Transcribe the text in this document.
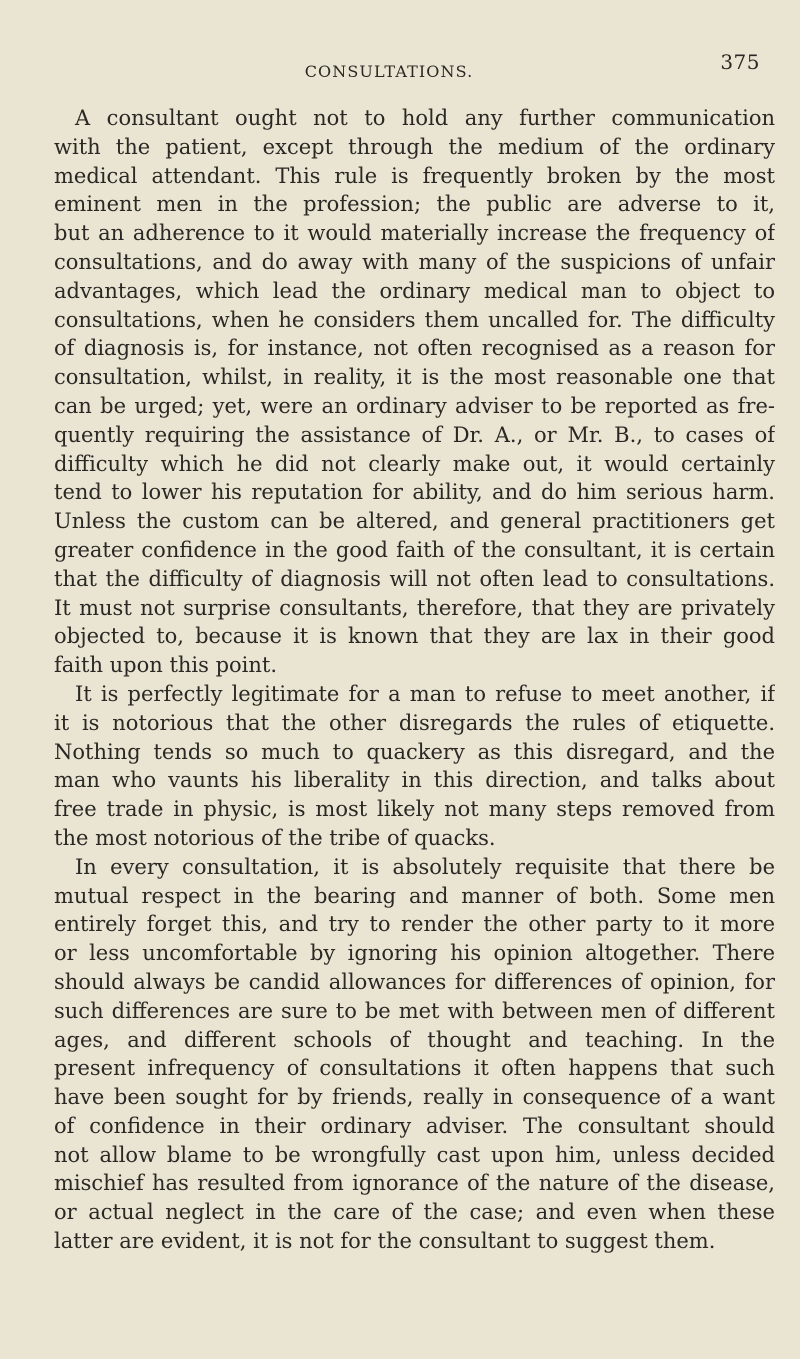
CONSULTATIONS.	375
A consultant ought not to hold any further communication
with the patient, except through the medium of the ordinary
medical attendant. This rule is frequently broken by the most
eminent men in the profession; the public are adverse to it,
but an adherence to it would materially increase the frequency of
consultations, and do away with many of the suspicions of unfair
advantages, which lead the ordinary medical man to object to
consultations, when he considers them uncalled for. The difficulty
of diagnosis is, for instance, not often recognised as a reason for
consultation, whilst, in reality, it is the most reasonable one that
can be urged; yet, were an ordinary adviser to be reported as fre-
quently requiring the assistance of Dr. A., or Mr. B., to cases of
difficulty which he did not clearly make out, it would certainly
tend to lower his reputation for ability, and do him serious harm.
Unless the custom can be altered, and general practitioners get
greater confidence in the good faith of the consultant, it is certain
that the difficulty of diagnosis will not often lead to consultations.
It must not surprise consultants, therefore, that they are privately
objected to, because it is known that they are lax in their good
faith upon this point.
It is perfectly legitimate for a man to refuse to meet another, if
it is notorious that the other disregards the rules of etiquette.
Nothing tends so much to quackery as this disregard, and the
man who vaunts his liberality in this direction, and talks about
free trade in physic, is most likely not many steps removed from
the most notorious of the tribe of quacks.
In every consultation, it is absolutely requisite that there be
mutual respect in the bearing and manner of both. Some men
entirely forget this, and try to render the other party to it more
or less uncomfortable by ignoring his opinion altogether. There
should always be candid allowances for differences of opinion, for
such differences are sure to be met with between men of different
ages, and different schools of thought and teaching. In the
present infrequency of consultations it often happens that such
have been sought for by friends, really in consequence of a want
of confidence in their ordinary adviser. The consultant should
not allow blame to be wrongfully cast upon him, unless decided
mischief has resulted from ignorance of the nature of the disease,
or actual neglect in the care of the case; and even when these
latter are evident, it is not for the consultant to suggest them.
